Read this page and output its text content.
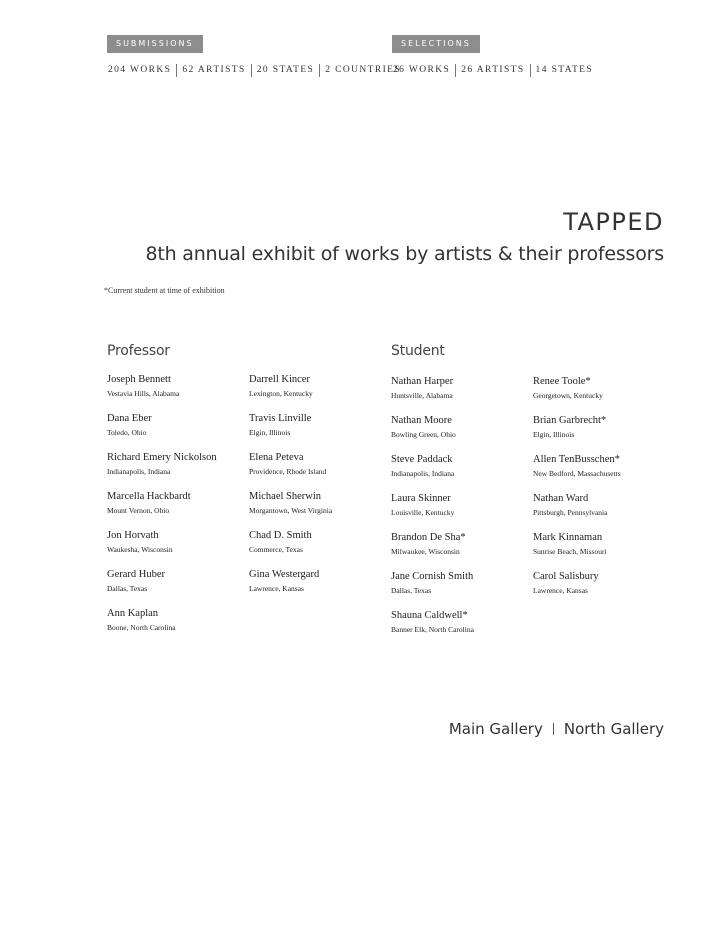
SUBMISSIONS
204 WORKS	62 ARTISTS	20 STATES	2 COUNTRIES
SELECTIONS
26 WORKS	26 ARTISTS	14 STATES
TAPPED
8th annual exhibit of works by artists & their professors
*Current student at time of exhibition
Professor	Student
Joseph Bennett
Vestavia Hills, Alabama
Dana Eber
Toledo, Ohio
Richard Emery Nickolson
Indianapolis, Indiana
Marcella Hackbardt
Mount Vernon, Ohio
Jon Horvath
Waukesha, Wisconsin
Gerard Huber
Dallas, Texas
Ann Kaplan
Boone, North Carolina
Darrell Kincer
Lexington, Kentucky
Travis Linville
Elgin, Illinois
Elena Peteva
Providence, Rhode Island
Michael Sherwin
Morgantown, West Virginia
Chad D. Smith
Commerce, Texas
Gina Westergard
Lawrence, Kansas
Nathan Harper
Huntsville, Alabama
Nathan Moore
Bowling Green, Ohio
Steve Paddack
Indianapolis, Indiana
Laura Skinner
Louisville, Kentucky
Brandon De Sha*
Milwaukee, Wisconsin
Jane Cornish Smith
Dallas, Texas
Shauna Caldwell*
Banner Elk, North Carolina
Renee Toole*
Georgetown, Kentucky
Brian Garbrecht*
Elgin, Illinois
Allen TenBusschen*
New Bedford, Massachusetts
Nathan Ward
Pittsburgh, Pennsylvania
Mark Kinnaman
Sunrise Beach, Missouri
Carol Salisbury
Lawrence, Kansas
Main Gallery North Gallery
